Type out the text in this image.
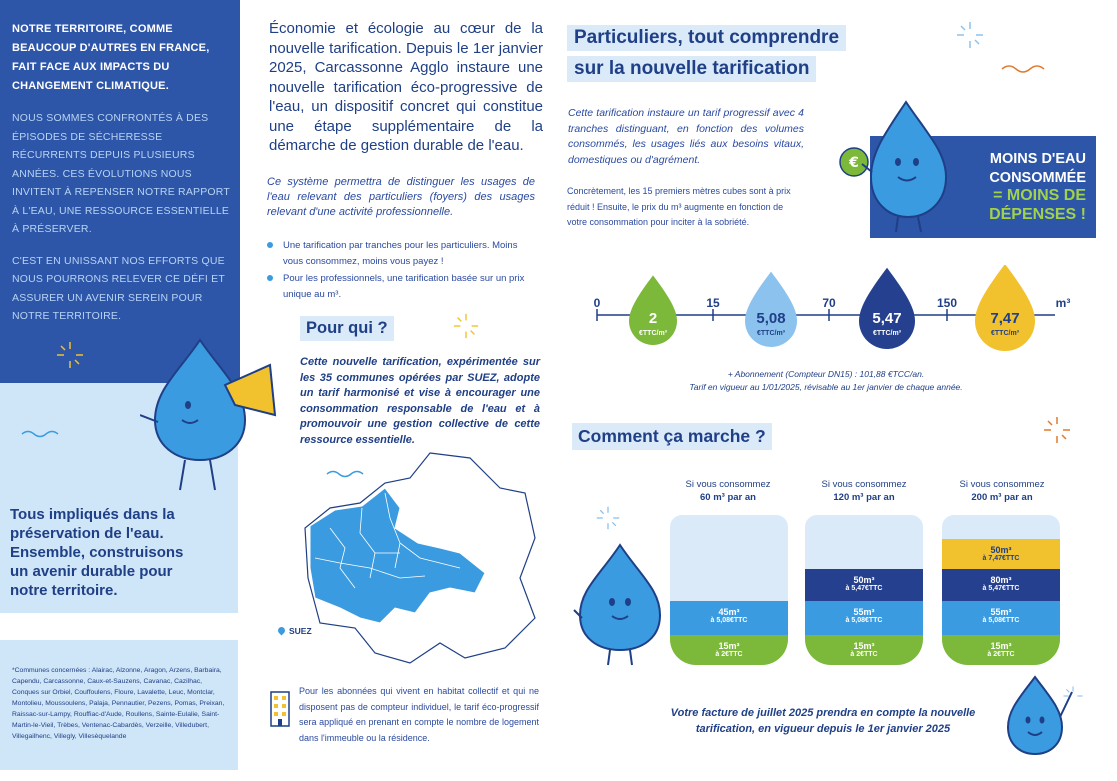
NOTRE TERRITOIRE, COMME BEAUCOUP D'AUTRES EN FRANCE, FAIT FACE AUX IMPACTS DU CHANGEMENT CLIMATIQUE.

NOUS SOMMES CONFRONTÉS À DES ÉPISODES DE SÉCHERESSE RÉCURRENTS DEPUIS PLUSIEURS ANNÉES. CES ÉVOLUTIONS NOUS INVITENT À REPENSER NOTRE RAPPORT À L'EAU, UNE RESSOURCE ESSENTIELLE À PRÉSERVER.

C'EST EN UNISSANT NOS EFFORTS QUE NOUS POURRONS RELEVER CE DÉFI ET ASSURER UN AVENIR SEREIN POUR NOTRE TERRITOIRE.

Tous impliqués dans la préservation de l'eau. Ensemble, construisons un avenir durable pour notre territoire.

*Communes concernées : Alairac, Alzonne, Aragon, Arzens, Barbaira, Capendu, Carcassonne, Caux-et-Sauzens, Cavanac, Cazilhac, Conques sur Orbiel, Couffoulens, Floure, Lavalette, Leuc, Montclar, Montolieu, Moussoulens, Palaja, Pennautier, Pezens, Pomas, Preixan, Raissac-sur-Lampy, Rouffiac-d'Aude, Roullens, Sainte-Eulalie, Saint-Martin-le-Vieil, Trèbes, Ventenac-Cabardès, Verzeille, Villedubert, Villegailhenc, Villegly, Villesèquelande

Économie et écologie au cœur de la nouvelle tarification. Depuis le 1er janvier 2025, Carcassonne Agglo instaure une nouvelle tarification éco-progressive de l'eau, un dispositif concret qui constitue une étape supplémentaire de la démarche de gestion durable de l'eau.

Ce système permettra de distinguer les usages de l'eau relevant des particuliers (foyers) des usages relevant d'une activité professionnelle.

Une tarification par tranches pour les particuliers. Moins vous consommez, moins vous payez !
Pour les professionnels, une tarification basée sur un prix unique au m³.
Pour qui ?

Cette nouvelle tarification, expérimentée sur les 35 communes opérées par SUEZ, adopte un tarif harmonisé et vise à encourager une consommation responsable de l'eau et à promouvoir une gestion collective de cette ressource essentielle.

SUEZ

Pour les abonnées qui vivent en habitat collectif et qui ne disposent pas de compteur individuel, le tarif éco-progressif sera appliqué en prenant en compte le nombre de logement dans l'immeuble ou la résidence.

Particuliers, tout comprendre
sur la nouvelle tarification

Cette tarification instaure un tarif progressif avec 4 tranches distinguant, en fonction des volumes consommés, les usages liés aux besoins vitaux, domestiques ou d'agrément.

Concrètement, les 15 premiers mètres cubes sont à prix réduit ! Ensuite, le prix du m³ augmente en fonction de votre consommation pour inciter à la sobriété.

MOINS D'EAU
CONSOMMÉE
= MOINS DE
DÉPENSES !
€
0	15	70	150	m³
2
€TTC/m³
5,08
€TTC/m³
5,47
€TTC/m³
7,47
€TTC/m³
+ Abonnement (Compteur DN15) : 101,88 €TCC/an.
Tarif en vigueur au 1/01/2025, révisable au 1er janvier de chaque année.
Comment ça marche ?
Si vous consommez
60 m³ par an
Si vous consommez
120 m³ par an
Si vous consommez
200 m³ par an
15m³
à 2€TTC
45m³
à 5,08€TTC
15m³
à 2€TTC
55m³
à 5,08€TTC
50m³
à 5,47€TTC
15m³
à 2€TTC
55m³
à 5,08€TTC
80m³
à 5,47€TTC
50m³
à 7,47€TTC

Votre facture de juillet 2025 prendra en compte la nouvelle tarification, en vigueur depuis le 1er janvier 2025
